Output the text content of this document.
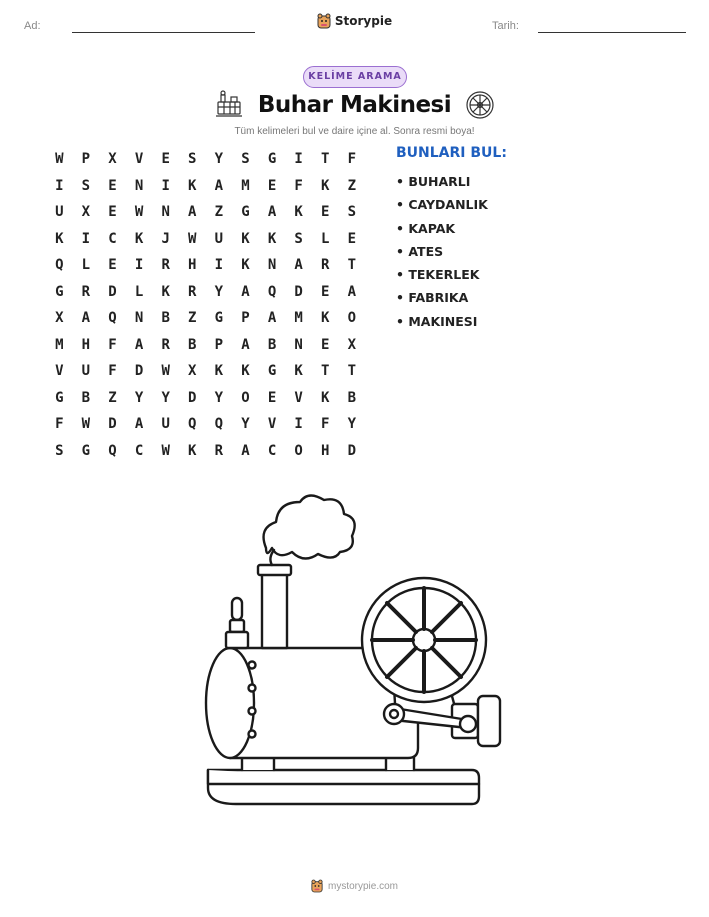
Ad:	Storypie	Tarih:
KELİME ARAMA
Buhar Makinesi

Tüm kelimeleri bul ve daire içine al. Sonra resmi boya!

W	P	X	V	E	S	Y	S	G	I	T	F
I	S	E	N	I	K	A	M	E	F	K	Z
U	X	E	W	N	A	Z	G	A	K	E	S
K	I	C	K	J	W	U	K	K	S	L	E
Q	L	E	I	R	H	I	K	N	A	R	T
G	R	D	L	K	R	Y	A	Q	D	E	A
X	A	Q	N	B	Z	G	P	A	M	K	O
M	H	F	A	R	B	P	A	B	N	E	X
V	U	F	D	W	X	K	K	G	K	T	T
G	B	Z	Y	Y	D	Y	O	E	V	K	B
F	W	D	A	U	Q	Q	Y	V	I	F	Y
S	G	Q	C	W	K	R	A	C	O	H	D
BUNLARI BUL:
• BUHARLI
• CAYDANLIK
• KAPAK
• ATES
• TEKERLEK
• FABRIKA
• MAKINESI
mystorypie.com
